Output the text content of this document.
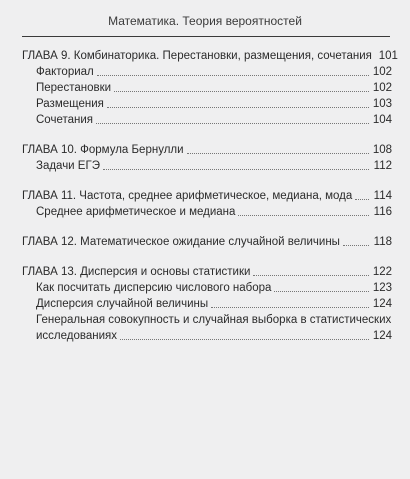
Математика. Теория вероятностей
ГЛАВА 9. Комбинаторика. Перестановки, размещения, сочетания 101
Факториал	102
Перестановки	102
Размещения	103
Сочетания	104
ГЛАВА 10. Формула Бернулли	108
Задачи ЕГЭ	112
ГЛАВА 11. Частота, среднее арифметическое, медиана, мода 114
Среднее арифметическое и медиана	116
ГЛАВА 12. Математическое ожидание случайной величины	118
ГЛАВА 13. Дисперсия и основы статистики	122
Как посчитать дисперсию числового набора	123
Дисперсия случайной величины	124
Генеральная совокупность и случайная выборка в статистических
исследованиях	124
